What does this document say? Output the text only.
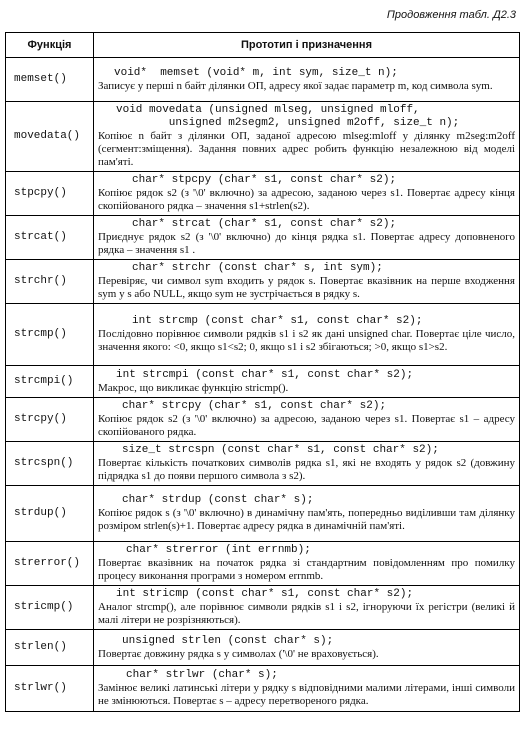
Продовження табл. Д2.3
Функція	Прототип і призначення
memset()	void*  memset (void* m, int sym, size_t n);
Записує у перші n байт ділянки ОП, адресу якої задає параметр m, код символа sym.

movedata()	void movedata (unsigned mlseg, unsigned mloff,
unsigned m2segm2, unsigned m2off, size_t n);
Копіює n байт з ділянки ОП, заданої адресою mlseg:mloff у ділянку m2seg:m2off (сегмент:зміщення). Задання повних адрес робить функцію незалежною від моделі пам'яті.

stpcpy()	char* stpcpy (char* s1, const char* s2);
Копіює рядок s2 (з '\0' включно) за адресою, заданою через s1. Повертає адресу кінця скопійованого рядка – значення s1+strlen(s2).

strcat()	char* strcat (char* s1, const char* s2);
Приєднує рядок s2 (з '\0' включно) до кінця рядка s1. Повертає адресу доповненого рядка – значення s1 .

strchr()	char* strchr (const char* s, int sym);
Перевіряє, чи символ sym входить у рядок s. Повертає вказівник на перше входження sym у s або NULL, якщо sym не зустрічається в рядку s.

strcmp()	int strcmp (const char* s1, const char* s2);
Послідовно порівнює символи рядків s1 і s2 як дані unsigned char. Повертає ціле число, значення якого: <0, якщо s1<s2; 0, якщо s1 і s2 збігаються; >0, якщо s1>s2.

strcmpi()	int strcmpi (const char* s1, const char* s2);
Макрос, що викликає функцію stricmp().

strcpy()	char* strcpy (char* s1, const char* s2);
Копіює рядок s2 (з '\0' включно) за адресою, заданою через s1. Повертає s1 – адресу скопійованого рядка.

strcspn()	size_t strcspn (const char* s1, const char* s2);
Повертає кількість початкових символів рядка s1, які не входять у рядок s2 (довжину підрядка s1 до появи першого символа з s2).

strdup()	char* strdup (const char* s);
Копіює рядок s (з '\0' включно) в динамічну пам'ять, попередньо виділивши там ділянку розміром strlen(s)+1. Повертає адресу рядка в динамічній пам'яті.

strerror()	char* strerror (int errnmb);
Повертає вказівник на початок рядка зі стандартним повідомленням про помилку процесу виконання програми з номером errnmb.

stricmp()	int stricmp (const char* s1, const char* s2);
Аналог strcmp(), але порівнює символи рядків s1 і s2, ігноруючи їх регістри (великі й малі літери не розрізняються).

strlen()	unsigned strlen (const char* s);
Повертає довжину рядка s у символах ('\0' не враховується).

strlwr()	char* strlwr (char* s);
Замінює великі латинські літери у рядку s відповідними малими літерами, інші символи не змінюються. Повертає s – адресу перетвореного рядка.
